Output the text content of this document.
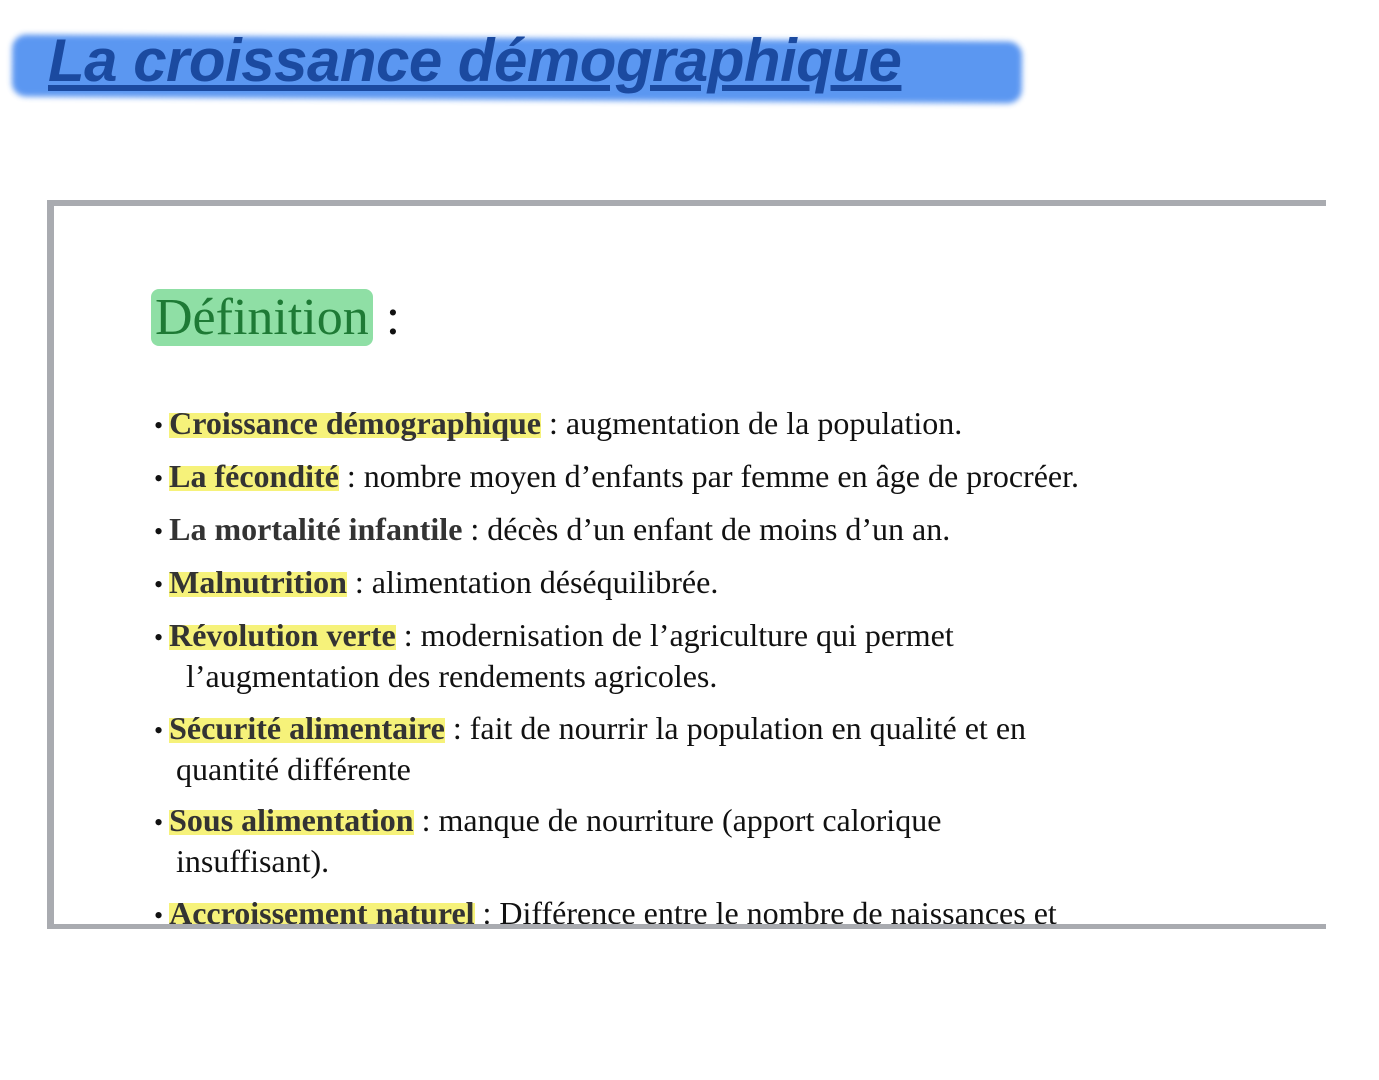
La croissance démographique
Définition :
• Croissance démographique : augmentation de la population.
• La fécondité : nombre moyen d’enfants par femme en âge de procréer.
• La mortalité infantile : décès d’un enfant de moins d’un an.
• Malnutrition : alimentation déséquilibrée.
• Révolution verte : modernisation de l’agriculture qui permet
l’augmentation des rendements agricoles.
• Sécurité alimentaire : fait de nourrir la population en qualité et en
quantité différente
• Sous alimentation : manque de nourriture (apport calorique
insuffisant).
• Accroissement naturel : Différence entre le nombre de naissances et
